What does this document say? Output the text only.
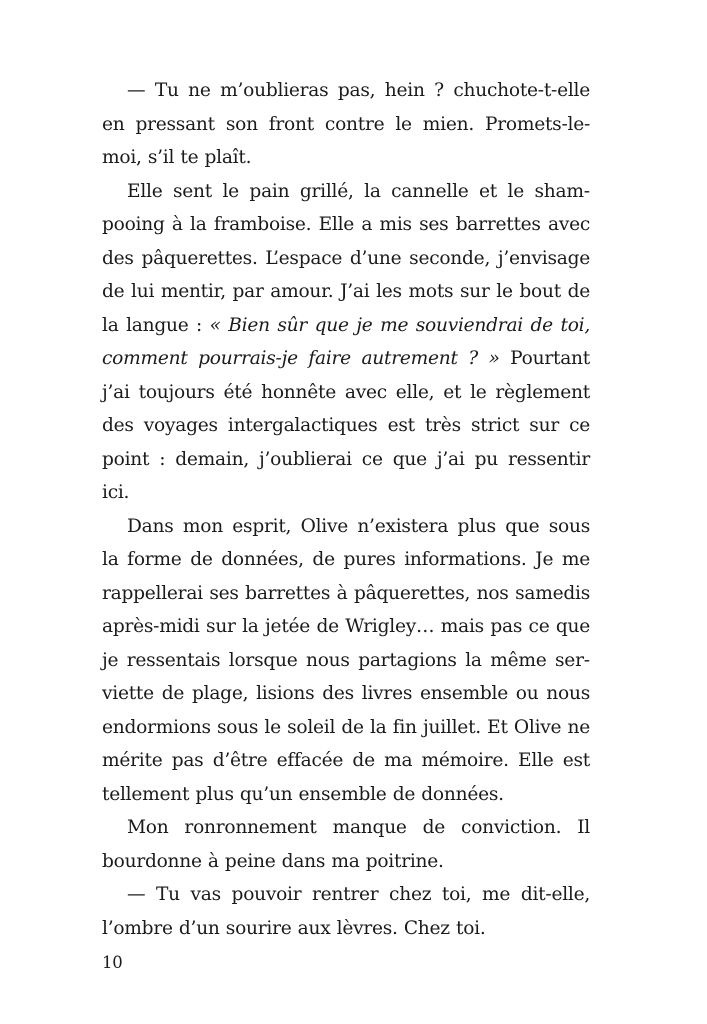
— Tu ne m’oublieras pas, hein ? chuchote-t-elle en pressant son front contre le mien. Promets-le-moi, s’il te plaît.

Elle sent le pain grillé, la cannelle et le shampooing à la framboise. Elle a mis ses barrettes avec des pâquerettes. L’espace d’une seconde, j’envisage de lui mentir, par amour. J’ai les mots sur le bout de la langue : « Bien sûr que je me souviendrai de toi, comment pourrais-je faire autrement ? » Pourtant j’ai toujours été honnête avec elle, et le règlement des voyages intergalactiques est très strict sur ce point : demain, j’oublierai ce que j’ai pu ressentir ici.

Dans mon esprit, Olive n’existera plus que sous la forme de données, de pures informations. Je me rappellerai ses barrettes à pâquerettes, nos samedis après-midi sur la jetée de Wrigley… mais pas ce que je ressentais lorsque nous partagions la même serviette de plage, lisions des livres ensemble ou nous endormions sous le soleil de la fin juillet. Et Olive ne mérite pas d’être effacée de ma mémoire. Elle est tellement plus qu’un ensemble de données.

Mon ronronnement manque de conviction. Il bourdonne à peine dans ma poitrine.

— Tu vas pouvoir rentrer chez toi, me dit-elle, l’ombre d’un sourire aux lèvres. Chez toi.

10
